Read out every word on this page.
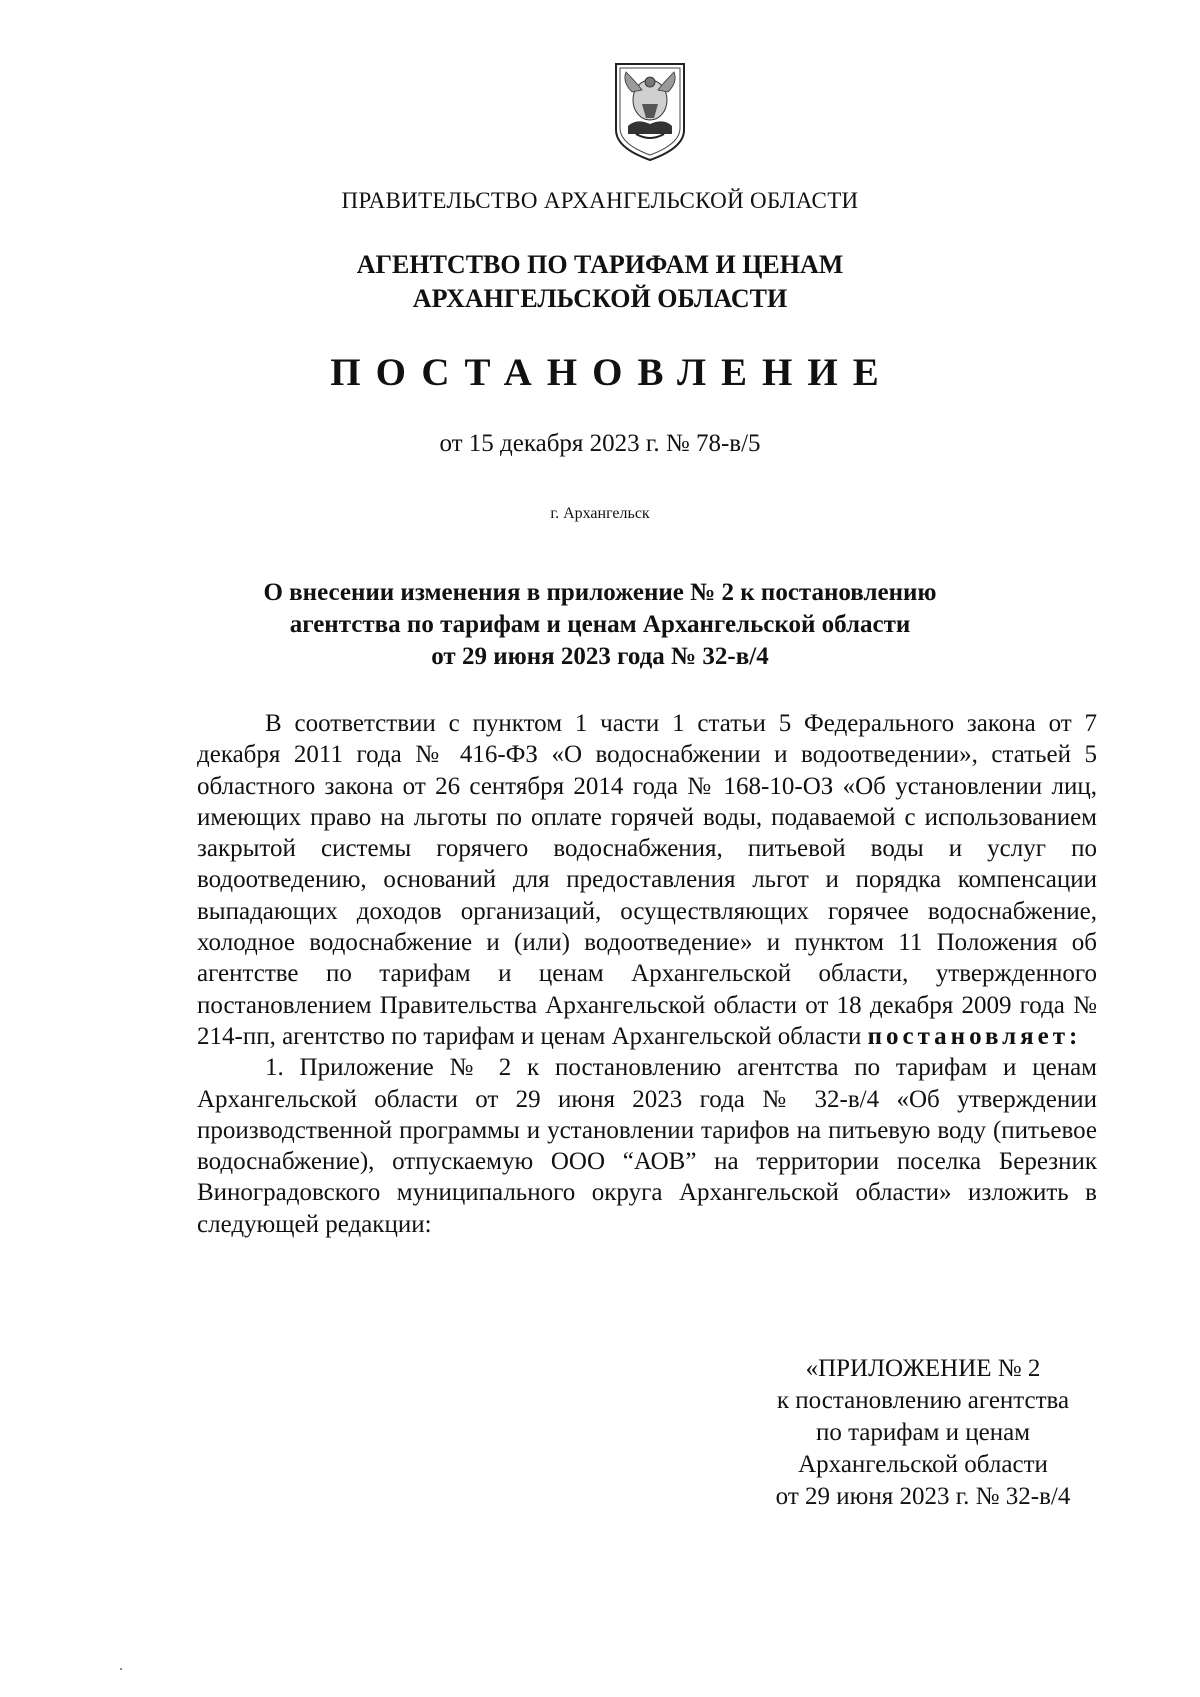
ПРАВИТЕЛЬСТВО АРХАНГЕЛЬСКОЙ ОБЛАСТИ
АГЕНТСТВО ПО ТАРИФАМ И ЦЕНАМ
АРХАНГЕЛЬСКОЙ ОБЛАСТИ
ПОСТАНОВЛЕНИЕ
от 15 декабря 2023 г. № 78-в/5
г. Архангельск
О внесении изменения в приложение № 2 к постановлению
агентства по тарифам и ценам Архангельской области
от 29 июня 2023 года № 32-в/4

В соответствии с пунктом 1 части 1 статьи 5 Федерального закона от 7 декабря 2011 года № 416-ФЗ «О водоснабжении и водоотведении», статьей 5 областного закона от 26 сентября 2014 года № 168-10-ОЗ «Об установлении лиц, имеющих право на льготы по оплате горячей воды, подаваемой с использованием закрытой системы горячего водоснабжения, питьевой воды и услуг по водоотведению, оснований для предоставления льгот и порядка компенсации выпадающих доходов организаций, осуществляющих горячее водоснабжение, холодное водоснабжение и (или) водоотведение» и пунктом 11 Положения об агентстве по тарифам и ценам Архангельской области, утвержденного постановлением Правительства Архангельской области от 18 декабря 2009 года № 214-пп, агентство по тарифам и ценам Архангельской области постановляет:

1. Приложение № 2 к постановлению агентства по тарифам и ценам Архангельской области от 29 июня 2023 года № 32-в/4 «Об утверждении производственной программы и установлении тарифов на питьевую воду (питьевое водоснабжение), отпускаемую ООО “АОВ” на территории поселка Березник Виноградовского муниципального округа Архангельской области» изложить в следующей редакции:

«ПРИЛОЖЕНИЕ № 2
к постановлению агентства
по тарифам и ценам
Архангельской области
от 29 июня 2023 г. № 32-в/4
